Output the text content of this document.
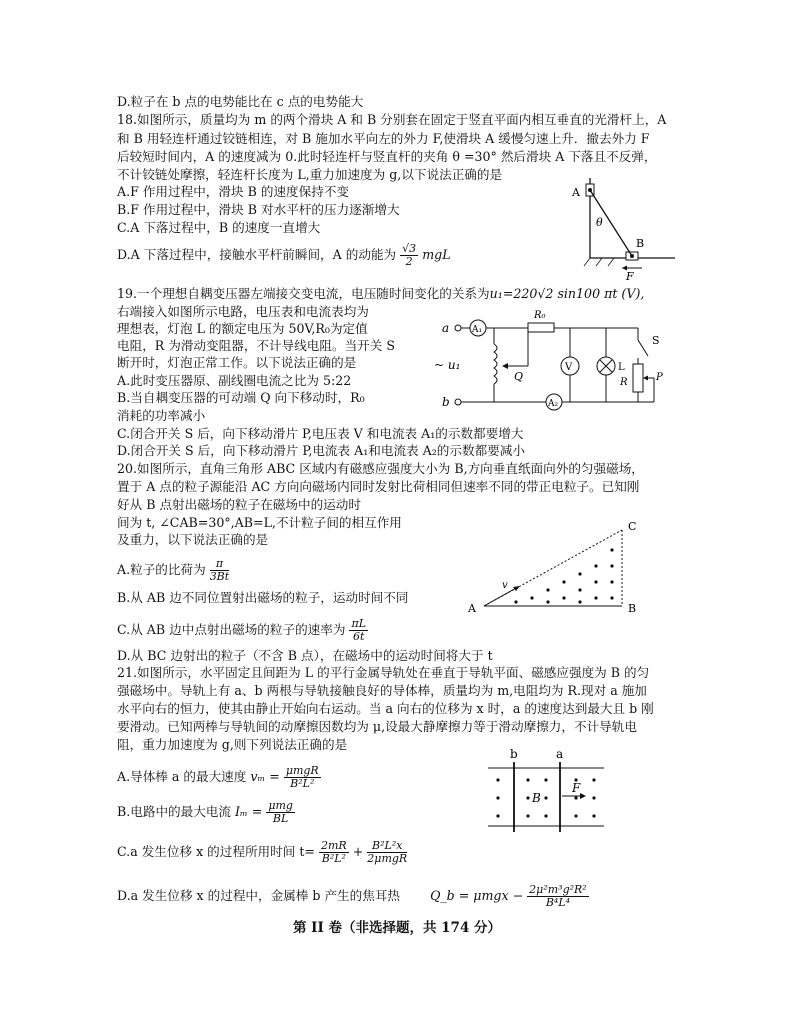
D.粒子在 b 点的电势能比在 c 点的电势能大
18.如图所示，质量均为 m 的两个滑块 A 和 B 分别套在固定于竖直平面内相互垂直的光滑杆上，A
和 B 用轻连杆通过铰链相连，对 B 施加水平向左的外力 F,使滑块 A 缓慢匀速上升．撤去外力 F
后较短时间内，A 的速度减为 0.此时轻连杆与竖直杆的夹角 θ =30° 然后滑块 A 下落且不反弹，
不计铰链处摩擦，轻连杆长度为 L,重力加速度为 g,以下说法正确的是
A.F 作用过程中，滑块 B 的速度保持不变
B.F 作用过程中，滑块 B 对水平杆的压力逐渐增大
C.A 下落过程中，B 的速度一直增大
D.A 下落过程中，接触水平杆前瞬间，A 的动能为 $\frac{√3}{2}$ mgL
A
B
θ
F
19.一个理想自耦变压器左端接交变电流，电压随时间变化的关系为u₁=220√2 sin100 πt (V),
右端接入如图所示电路，电压表和电流表均为
理想表，灯泡 L 的额定电压为 50V,R₀为定值
电阻，R 为滑动变阻器，不计导线电阻。当开关 S
断开时，灯泡正常工作。以下说法正确的是
A.此时变压器原、副线圈电流之比为 5:22
B.当自耦变压器的可动端 Q 向下移动时，R₀
消耗的功率减小
C.闭合开关 S 后，向下移动滑片 P,电压表 V 和电流表 A₁的示数都要增大
D.闭合开关 S 后，向下移动滑片 P,电流表 A₁和电流表 A₂的示数都要减小
a
b
~ u₁
A₁
R₀
Q
V	L
S
R	P
A₂
20.如图所示，直角三角形 ABC 区域内有磁感应强度大小为 B,方向垂直纸面向外的匀强磁场，
置于 A 点的粒子源能沿 AC 方向向磁场内同时发射比荷相同但速率不同的带正电粒子。已知刚
好从 B 点射出磁场的粒子在磁场中的运动时
间为 t, ∠CAB=30°,AB=L,不计粒子间的相互作用
及重力，以下说法正确的是
A.粒子的比荷为 $\frac{\pi}{3Bt}$
B.从 AB 边不同位置射出磁场的粒子，运动时间不同
C.从 AB 边中点射出磁场的粒子的速率为 $\frac{\pi L}{6t}$
D.从 BC 边射出的粒子（不含 B 点），在磁场中的运动时间将大于 t
v
A	B
C
21.如图所示，水平固定且间距为 L 的平行金属导轨处在垂直于导轨平面、磁感应强度为 B 的匀
强磁场中。导轨上有 a、b 两根与导轨接触良好的导体棒，质量均为 m,电阻均为 R.现对 a 施加
水平向右的恒力，使其由静止开始向右运动。当 a 向右的位移为 x 时，a 的速度达到最大且 b 刚
要滑动。已知两棒与导轨间的动摩擦因数均为 μ,设最大静摩擦力等于滑动摩擦力，不计导轨电
阻，重力加速度为 g,则下列说法正确的是
A.导体棒 a 的最大速度 vₘ = μmgR
B²L²
B.电路中的最大电流 Iₘ = μmg
BL
C.a 发生位移 x 的过程所用时间 $t= \frac{2mR}{\text{B²L²}} + B^2L^2x$
2μmgR
D.a 发生位移 x 的过程中，金属棒 b 产生的焦耳热 Q_b = $\mu mgx - \frac{\text{2μ²m³g²R²}}{\text{B⁴L⁴}}$
b	a
B
F
第 II 卷（非选择题，共 174 分）
